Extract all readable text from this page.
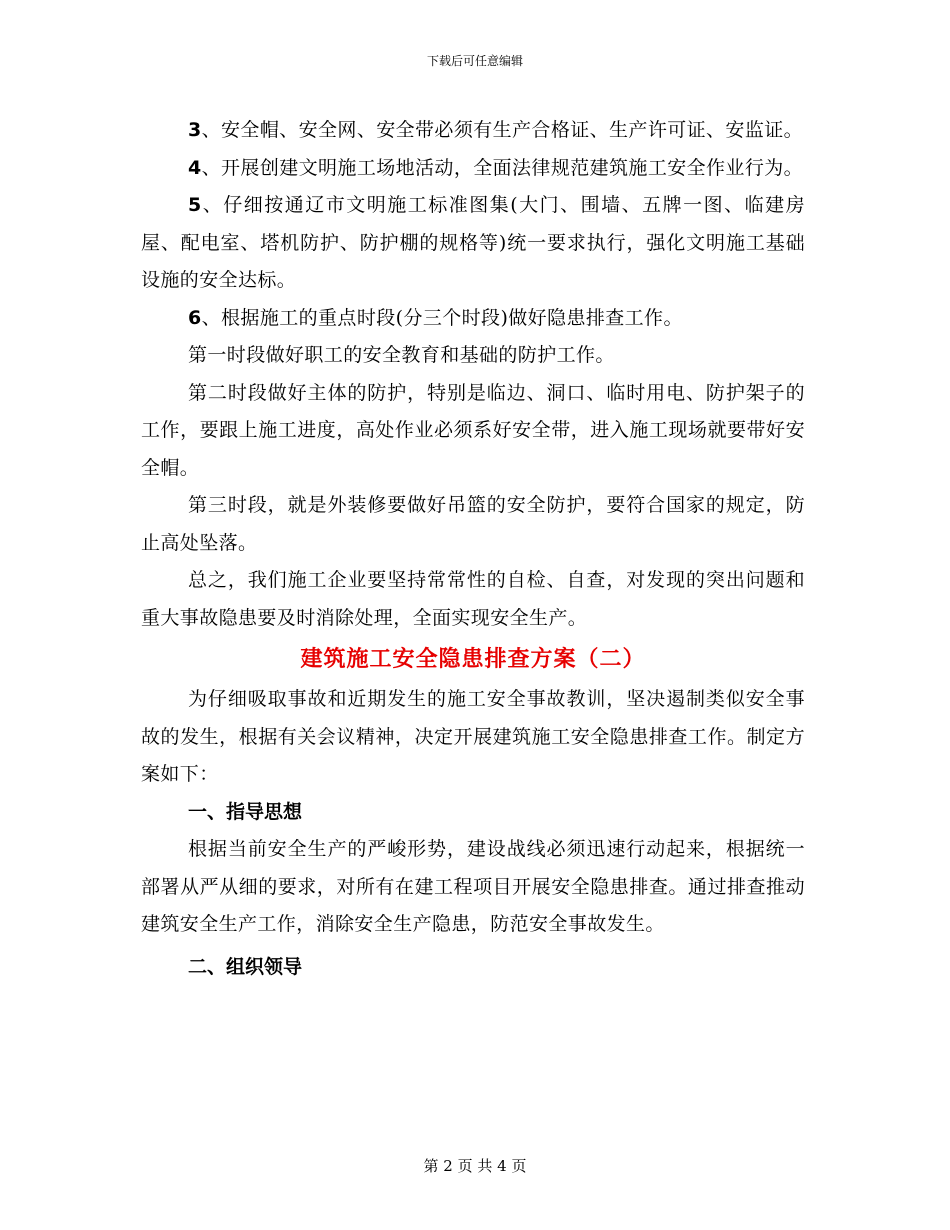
下载后可任意编辑

3、安全帽、安全网、安全带必须有生产合格证、生产许可证、安监证。

4、开展创建文明施工场地活动，全面法律规范建筑施工安全作业行为。

5、仔细按通辽市文明施工标准图集(大门、围墙、五牌一图、临建房屋、配电室、塔机防护、防护棚的规格等)统一要求执行，强化文明施工基础设施的安全达标。

6、根据施工的重点时段(分三个时段)做好隐患排查工作。

第一时段做好职工的安全教育和基础的防护工作。

第二时段做好主体的防护，特别是临边、洞口、临时用电、防护架子的工作，要跟上施工进度，高处作业必须系好安全带，进入施工现场就要带好安全帽。

第三时段，就是外装修要做好吊篮的安全防护，要符合国家的规定，防止高处坠落。

总之，我们施工企业要坚持常常性的自检、自查，对发现的突出问题和重大事故隐患要及时消除处理，全面实现安全生产。

建筑施工安全隐患排查方案（二）

为仔细吸取事故和近期发生的施工安全事故教训，坚决遏制类似安全事故的发生，根据有关会议精神，决定开展建筑施工安全隐患排查工作。制定方案如下：

一、指导思想

根据当前安全生产的严峻形势，建设战线必须迅速行动起来，根据统一部署从严从细的要求，对所有在建工程项目开展安全隐患排查。通过排查推动建筑安全生产工作，消除安全生产隐患，防范安全事故发生。

二、组织领导
第 2 页 共 4 页
